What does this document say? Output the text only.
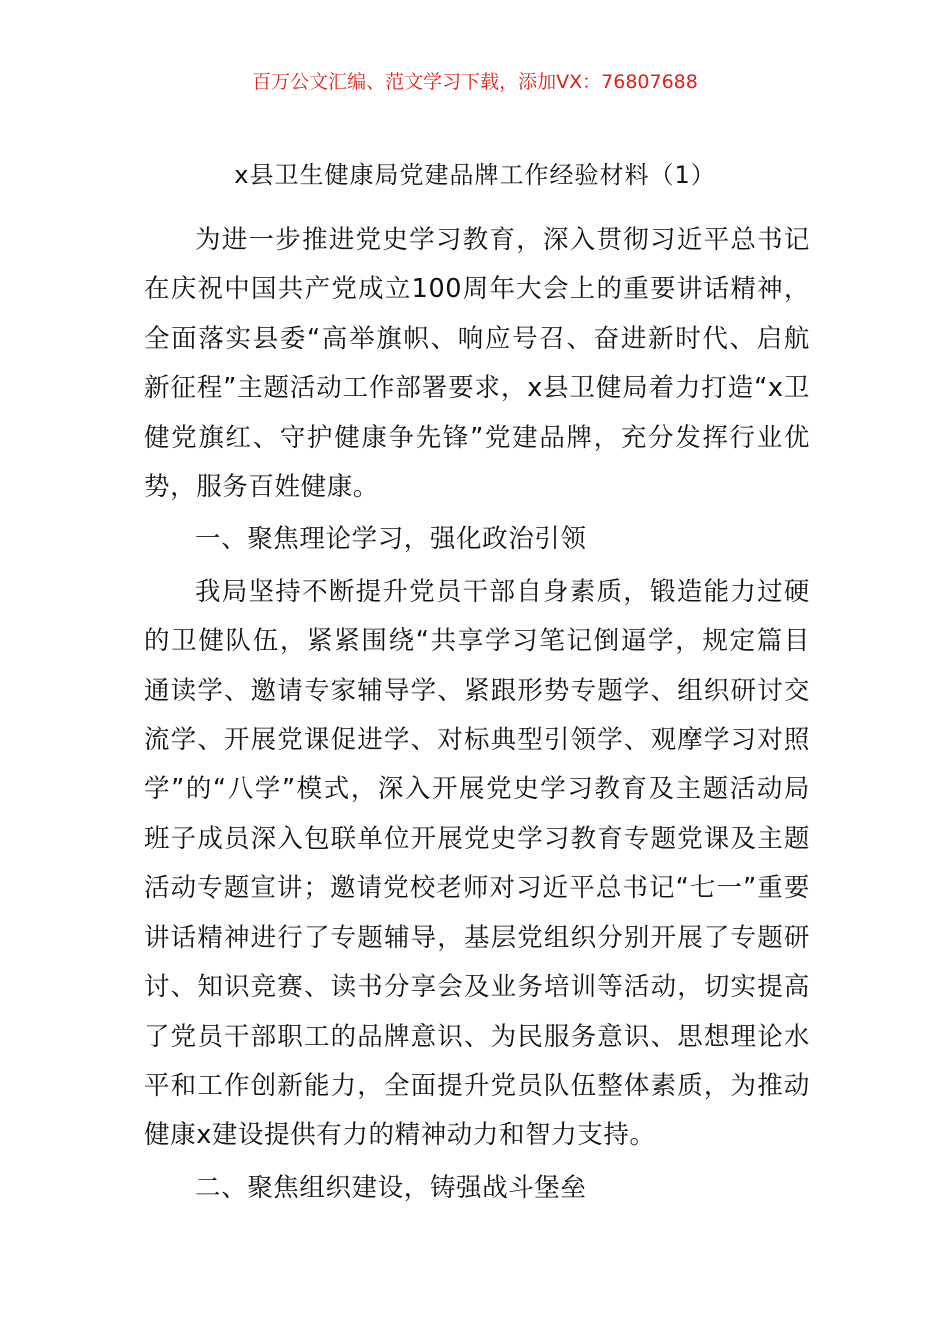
百万公文汇编、范文学习下载，添加VX：76807688
x县卫生健康局党建品牌工作经验材料（1）

为进一步推进党史学习教育，深入贯彻习近平总书记在庆祝中国共产党成立100周年大会上的重要讲话精神，全面落实县委“高举旗帜、响应号召、奋进新时代、启航新征程”主题活动工作部署要求，x县卫健局着力打造“x卫健党旗红、守护健康争先锋”党建品牌，充分发挥行业优势，服务百姓健康。

一、聚焦理论学习，强化政治引领

我局坚持不断提升党员干部自身素质，锻造能力过硬的卫健队伍，紧紧围绕“共享学习笔记倒逼学，规定篇目通读学、邀请专家辅导学、紧跟形势专题学、组织研讨交流学、开展党课促进学、对标典型引领学、观摩学习对照学”的“八学”模式，深入开展党史学习教育及主题活动局班子成员深入包联单位开展党史学习教育专题党课及主题活动专题宣讲；邀请党校老师对习近平总书记“七一”重要讲话精神进行了专题辅导，基层党组织分别开展了专题研讨、知识竞赛、读书分享会及业务培训等活动，切实提高了党员干部职工的品牌意识、为民服务意识、思想理论水平和工作创新能力，全面提升党员队伍整体素质，为推动健康x建设提供有力的精神动力和智力支持。

二、聚焦组织建设，铸强战斗堡垒
